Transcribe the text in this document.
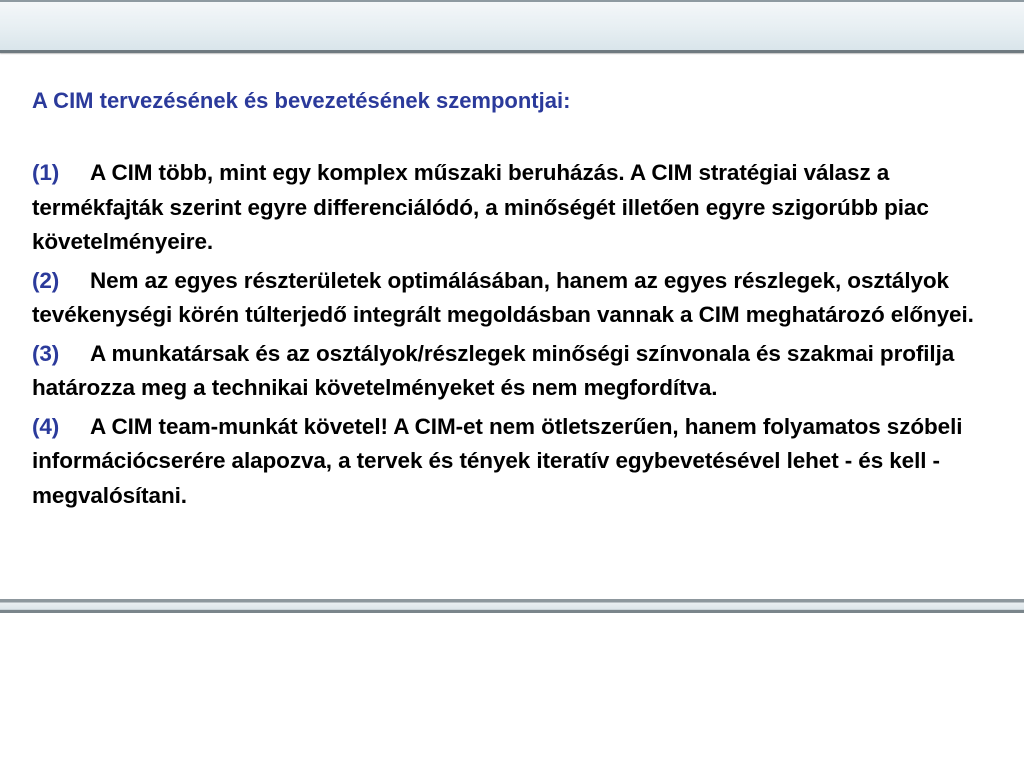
A CIM tervezésének és bevezetésének szempontjai:
(1) A CIM több, mint egy komplex műszaki beruházás. A CIM stratégiai válasz a termékfajták szerint egyre differenciálódó, a minőségét illetően egyre szigorúbb piac követelményeire.
(2) Nem az egyes részterületek optimálásában, hanem az egyes részlegek, osztályok tevékenységi körén túlterjedő integrált megoldásban vannak a CIM meghatározó előnyei.
(3) A munkatársak és az osztályok/részlegek minőségi színvonala és szakmai profilja határozza meg a technikai követelményeket és nem megfordítva.
(4) A CIM team-munkát követel! A CIM-et nem ötletszerűen, hanem folyamatos szóbeli információcserére alapozva, a tervek és tények iteratív egybevetésével lehet - és kell - megvalósítani.
